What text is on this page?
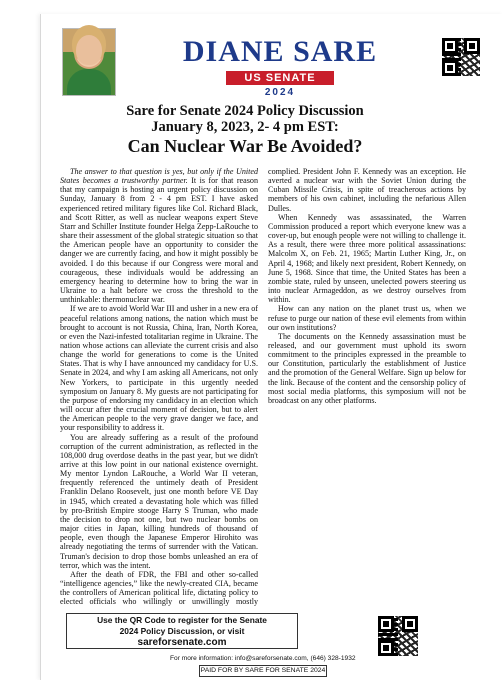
DIANE SARE
US SENATE
2024
Sare for Senate 2024 Policy Discussion
January 8, 2023, 2- 4 pm EST:
Can Nuclear War Be Avoided?

The answer to that question is yes, but only if the United States becomes a trustworthy partner. It is for that reason that my campaign is hosting an urgent policy discussion on Sunday, January 8 from 2 - 4 pm EST. I have asked experienced retired military figures like Col. Richard Black, and Scott Ritter, as well as nuclear weapons expert Steve Starr and Schiller Institute founder Helga Zepp-LaRouche to share their assessment of the global strategic situation so that the American people have an opportunity to consider the danger we are currently facing, and how it might possibly be avoided. I do this because if our Congress were moral and courageous, these individuals would be addressing an emergency hearing to determine how to bring the war in Ukraine to a halt before we cross the threshold to the unthinkable: thermonuclear war.

If we are to avoid World War III and usher in a new era of peaceful relations among nations, the nation which must be brought to account is not Russia, China, Iran, North Korea, or even the Nazi-infested totalitarian regime in Ukraine. The nation whose actions can alleviate the current crisis and also change the world for generations to come is the United States. That is why I have announced my candidacy for U.S. Senate in 2024, and why I am asking all Americans, not only New Yorkers, to participate in this urgently needed symposium on January 8. My guests are not participating for the purpose of endorsing my candidacy in an election which will occur after the crucial moment of decision, but to alert the American people to the very grave danger we face, and your responsibility to address it.

You are already suffering as a result of the profound corruption of the current administration, as reflected in the 108,000 drug overdose deaths in the past year, but we didn't arrive at this low point in our national existence overnight. My mentor Lyndon LaRouche, a World War II veteran, frequently referenced the untimely death of President Franklin Delano Roosevelt, just one month before VE Day in 1945, which created a devastating hole which was filled by pro-British Empire stooge Harry S Truman, who made the decision to drop not one, but two nuclear bombs on major cities in Japan, killing hundreds of thousand of people, even though the Japanese Emperor Hirohito was already negotiating the terms of surrender with the Vatican. Truman's decision to drop those bombs unleashed an era of terror, which was the intent.

After the death of FDR, the FBI and other so-called “intelligence agencies,” like the newly-created CIA, became the controllers of American political life, dictating policy to elected officials who willingly or unwillingly mostly complied. President John F. Kennedy was an exception. He averted a nuclear war with the Soviet Union during the Cuban Missile Crisis, in spite of treacherous actions by members of his own cabinet, including the nefarious Allen Dulles.

When Kennedy was assassinated, the Warren Commission produced a report which everyone knew was a cover-up, but enough people were not willing to challenge it. As a result, there were three more political assassinations: Malcolm X, on Feb. 21, 1965; Martin Luther King, Jr., on April 4, 1968; and likely next president, Robert Kennedy, on June 5, 1968. Since that time, the United States has been a zombie state, ruled by unseen, unelected powers steering us into nuclear Armageddon, as we destroy ourselves from within.

How can any nation on the planet trust us, when we refuse to purge our nation of these evil elements from within our own institutions?

The documents on the Kennedy assassination must be released, and our government must uphold its sworn commitment to the principles expressed in the preamble to our Constitution, particularly the establishment of Justice and the promotion of the General Welfare. Sign up below for the link. Because of the content and the censorship policy of most social media platforms, this symposium will not be broadcast on any other platforms.

Use the QR Code to register for the Senate
2024 Policy Discussion, or visit
sareforsenate.com
For more information: info@sareforsenate.com, (646) 328-1932
PAID FOR BY SARE FOR SENATE 2024
